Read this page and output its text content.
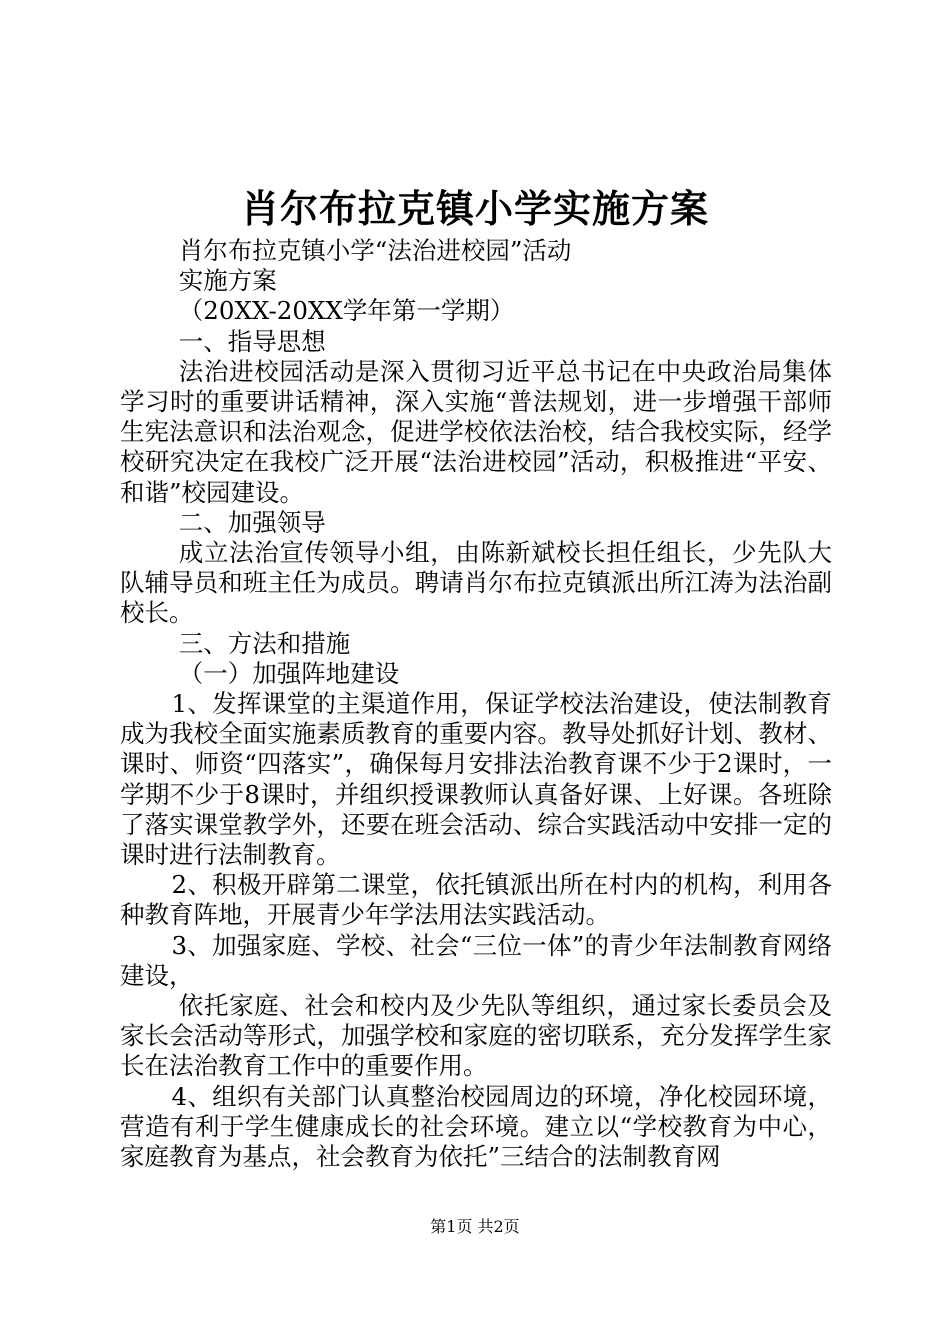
肖尔布拉克镇小学实施方案

肖尔布拉克镇小学“法治进校园”活动

实施方案

（20XX-20XX学年第一学期）

一、指导思想

法治进校园活动是深入贯彻习近平总书记在中央政治局集体学习时的重要讲话精神，深入实施“普法规划，进一步增强干部师生宪法意识和法治观念，促进学校依法治校，结合我校实际，经学校研究决定在我校广泛开展“法治进校园”活动，积极推进“平安、和谐”校园建设。

二、加强领导

成立法治宣传领导小组，由陈新斌校长担任组长，少先队大队辅导员和班主任为成员。聘请肖尔布拉克镇派出所江涛为法治副校长。

三、方法和措施

（一）加强阵地建设

1、发挥课堂的主渠道作用，保证学校法治建设，使法制教育成为我校全面实施素质教育的重要内容。教导处抓好计划、教材、课时、师资“四落实”，确保每月安排法治教育课不少于2课时，一学期不少于8课时，并组织授课教师认真备好课、上好课。各班除了落实课堂教学外，还要在班会活动、综合实践活动中安排一定的课时进行法制教育。

2、积极开辟第二课堂，依托镇派出所在村内的机构，利用各种教育阵地，开展青少年学法用法实践活动。

3、加强家庭、学校、社会“三位一体”的青少年法制教育网络建设，

依托家庭、社会和校内及少先队等组织，通过家长委员会及家长会活动等形式，加强学校和家庭的密切联系，充分发挥学生家长在法治教育工作中的重要作用。

4、组织有关部门认真整治校园周边的环境，净化校园环境，营造有利于学生健康成长的社会环境。建立以“学校教育为中心，家庭教育为基点，社会教育为依托”三结合的法制教育网

第1页 共2页
